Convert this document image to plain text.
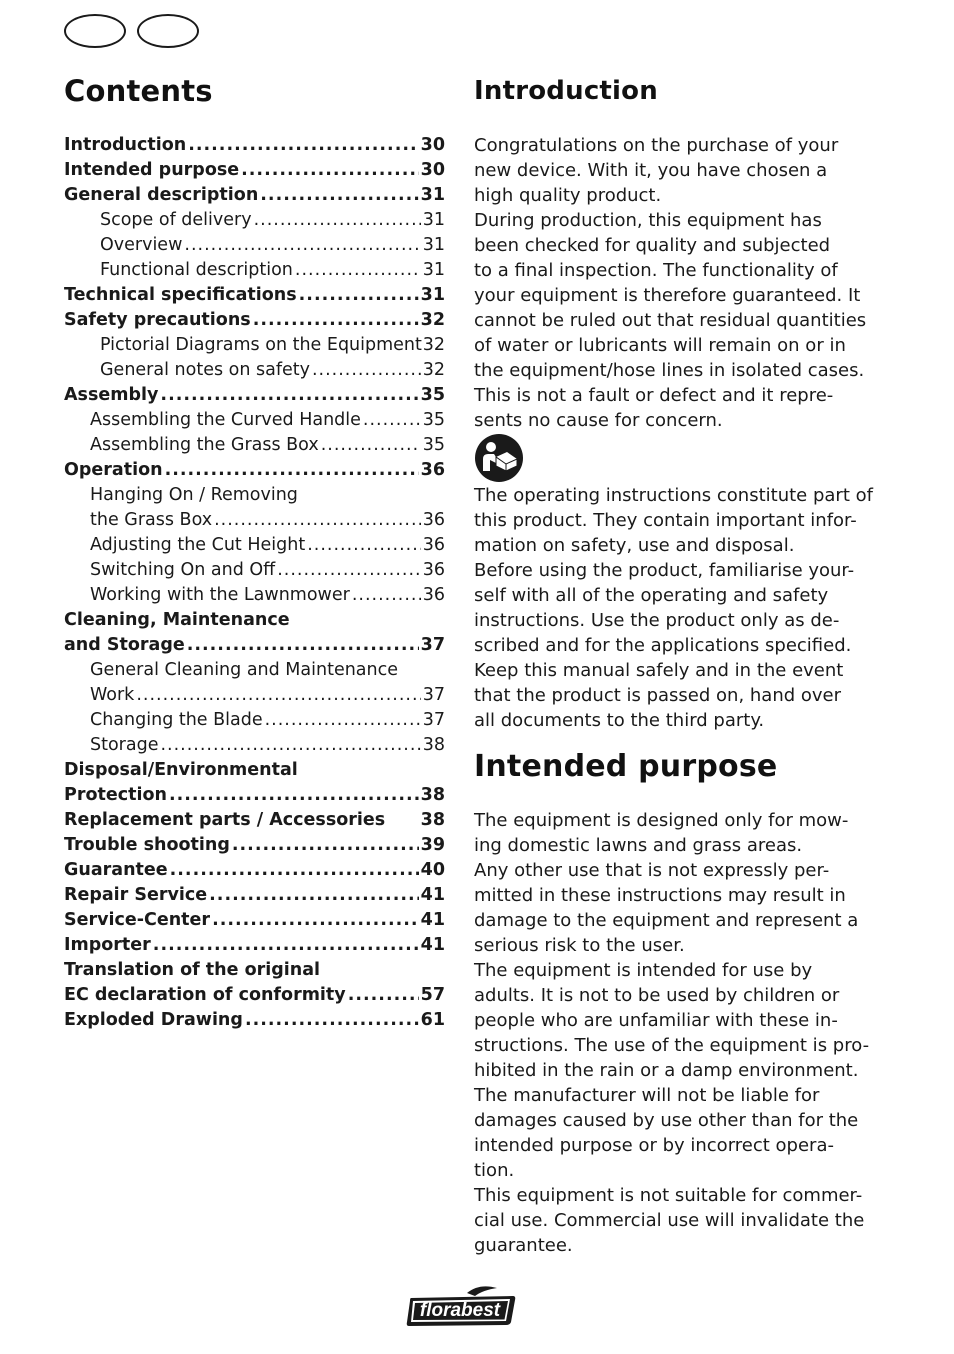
Contents
Introduction .....	30
Intended purpose .....	30
General description .....	31
Scope of delivery .....	31
Overview .....	31
Functional description .....	31
Technical specifications .....	31
Safety precautions .....	32
Pictorial Diagrams on the Equipment 32
General notes on safety .....	32
Assembly .....	35
Assembling the Curved Handle .....	35
Assembling the Grass Box .....	35
Operation .....	36
Hanging On / Removing
the Grass Box .....	36
Adjusting the Cut Height .....	36
Switching On and Off .....	36
Working with the Lawnmower .....	36
Cleaning, Maintenance
and Storage .....	37
General Cleaning and Maintenance
Work .....	37
Changing the Blade .....	37
Storage .....	38
Disposal/Environmental
Protection .....	38
Replacement parts / Accessories 38
Trouble shooting .....	39
Guarantee .....	40
Repair Service .....	41
Service-Center .....	41
Importer .....	41
Translation of the original
EC declaration of conformity .....	57
Exploded Drawing .....	61
Introduction
Congratulations on the purchase of your
new device. With it, you have chosen a
high quality product.
During production, this equipment has
been checked for quality and subjected
to a final inspection. The functionality of
your equipment is therefore guaranteed. It
cannot be ruled out that residual quantities
of water or lubricants will remain on or in
the equipment/hose lines in isolated cases.
This is not a fault or defect and it repre-
sents no cause for concern.
The operating instructions constitute part of
this product. They contain important infor-
mation on safety, use and disposal.
Before using the product, familiarise your-
self with all of the operating and safety
instructions. Use the product only as de-
scribed and for the applications specified.
Keep this manual safely and in the event
that the product is passed on, hand over
all documents to the third party.
Intended purpose
The equipment is designed only for mow-
ing domestic lawns and grass areas.
Any other use that is not expressly per-
mitted in these instructions may result in
damage to the equipment and represent a
serious risk to the user.
The equipment is intended for use by
adults. It is not to be used by children or
people who are unfamiliar with these in-
structions. The use of the equipment is pro-
hibited in the rain or a damp environment.
The manufacturer will not be liable for
damages caused by use other than for the
intended purpose or by incorrect opera-
tion.
This equipment is not suitable for commer-
cial use. Commercial use will invalidate the
guarantee.
florabest
